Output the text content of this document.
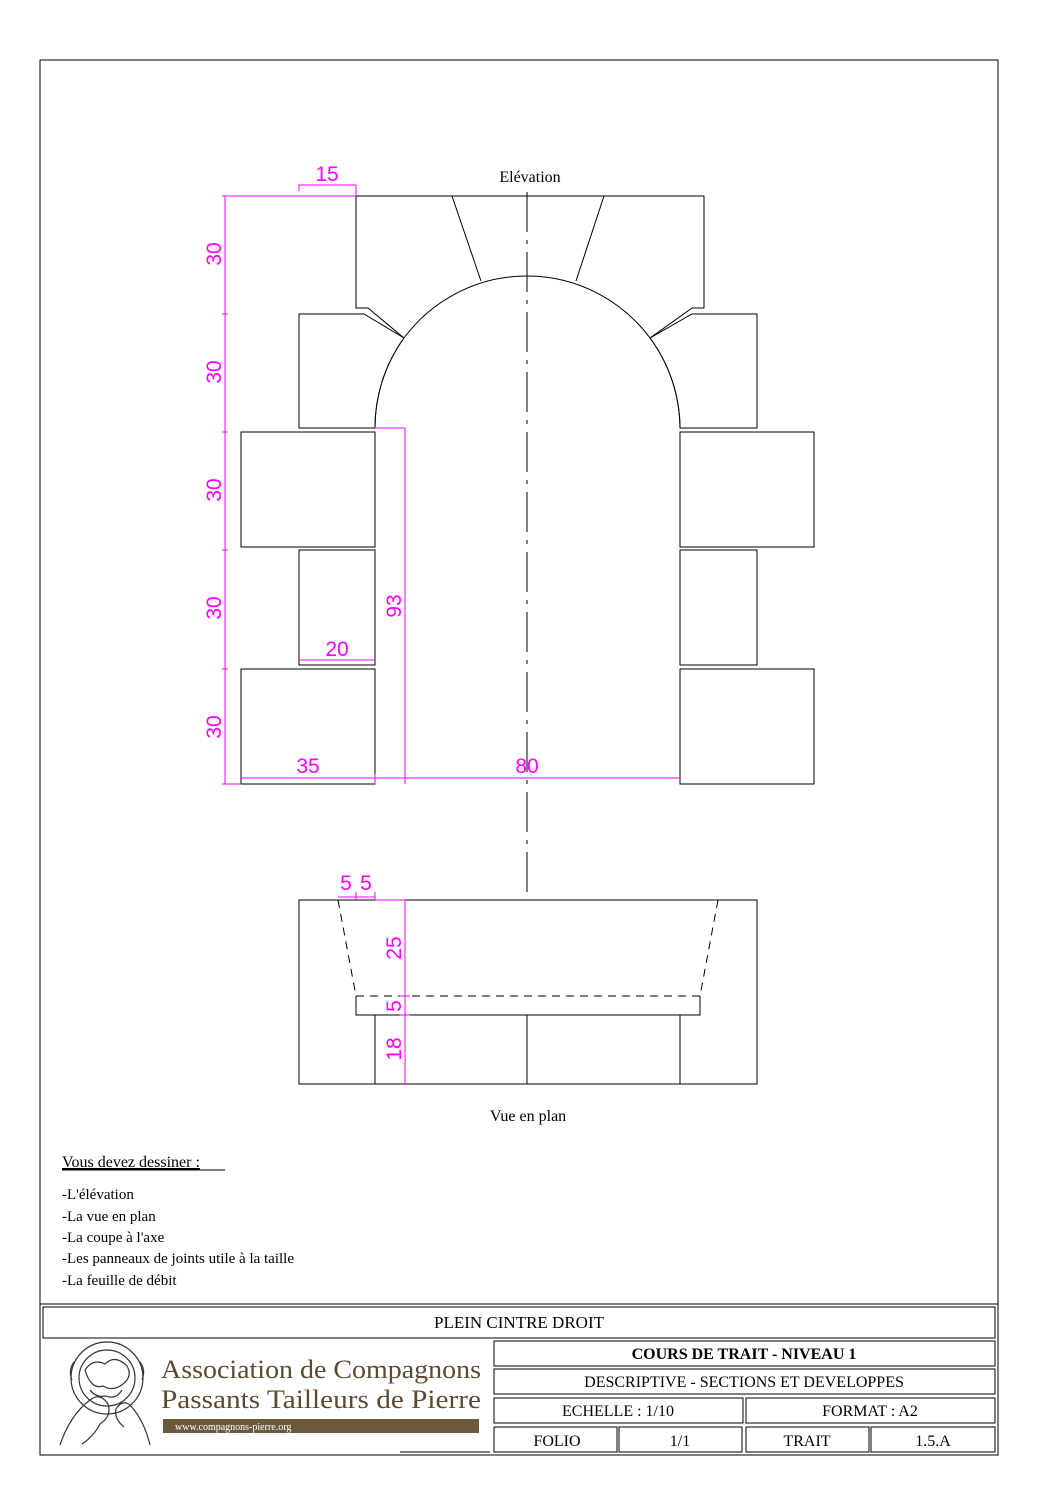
Elévation
15
30
30
30
30
30
93
20
35	80
Vue en plan
5 5
25
5
18
Vous devez dessiner :
-L'élévation
-La vue en plan
-La coupe à l'axe
-Les panneaux de joints utile à la taille
-La feuille de débit
PLEIN CINTRE DROIT
COURS DE TRAIT - NIVEAU 1
DESCRIPTIVE - SECTIONS ET DEVELOPPES
ECHELLE : 1/10	FORMAT : A2
FOLIO	1/1	TRAIT	1.5.A
Association de Compagnons
Passants Tailleurs de Pierre
www.compagnons-pierre.org
